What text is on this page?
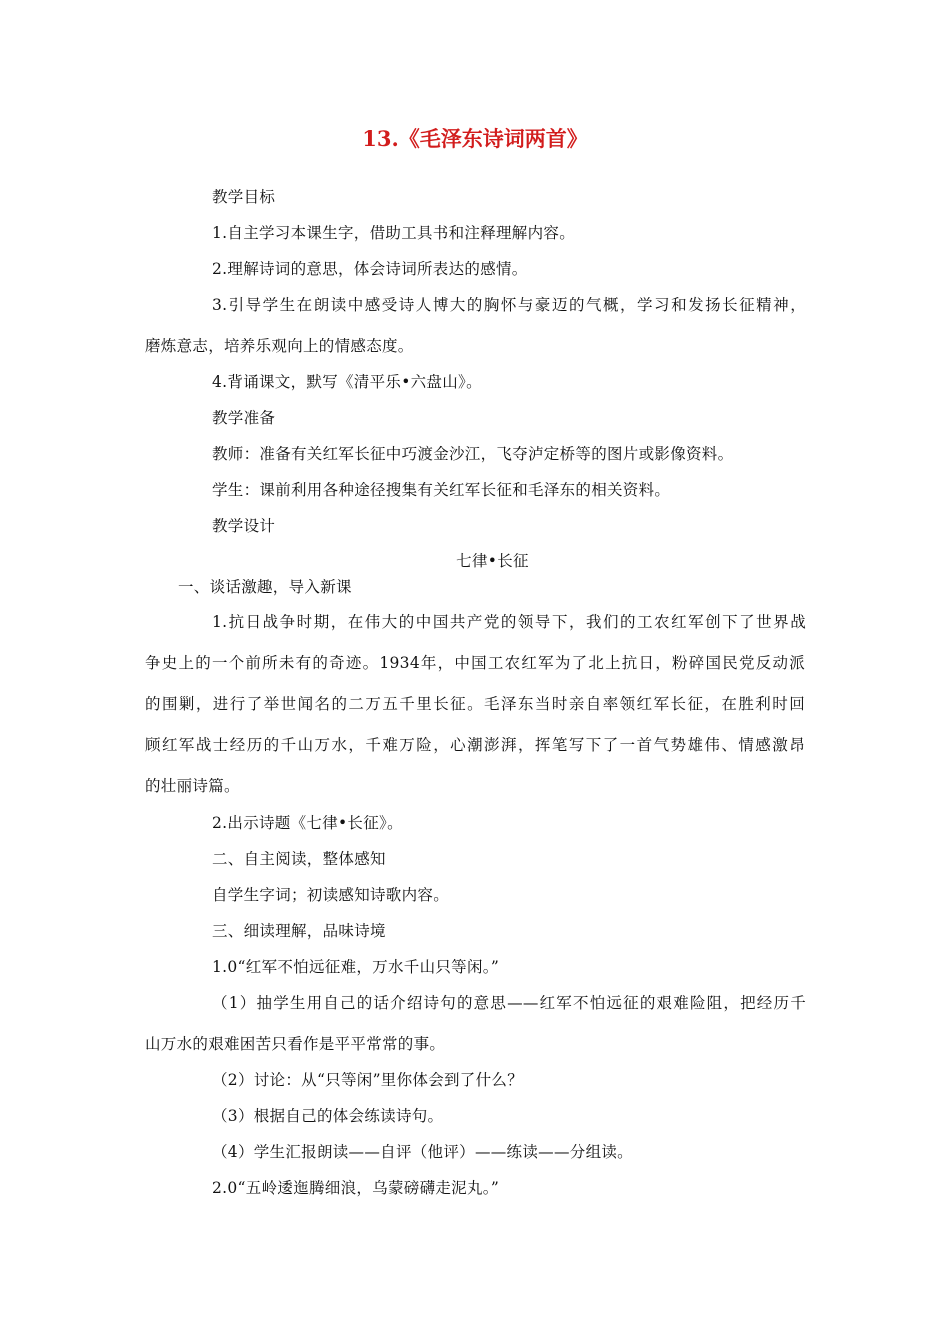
13.《毛泽东诗词两首》
教学目标
1.自主学习本课生字，借助工具书和注释理解内容。
2.理解诗词的意思，体会诗词所表达的感情。
3.引导学生在朗读中感受诗人博大的胸怀与豪迈的气概，学习和发扬长征精神，
磨炼意志，培养乐观向上的情感态度。
4.背诵课文，默写《清平乐•六盘山》。
教学准备
教师：准备有关红军长征中巧渡金沙江，飞夺泸定桥等的图片或影像资料。
学生：课前利用各种途径搜集有关红军长征和毛泽东的相关资料。
教学设计
七律•长征
一、谈话激趣，导入新课
1.抗日战争时期，在伟大的中国共产党的领导下，我们的工农红军创下了世界战
争史上的一个前所未有的奇迹。1934年，中国工农红军为了北上抗日，粉碎国民党反动派
的围剿，进行了举世闻名的二万五千里长征。毛泽东当时亲自率领红军长征，在胜利时回
顾红军战士经历的千山万水，千难万险，心潮澎湃，挥笔写下了一首气势雄伟、情感激昂
的壮丽诗篇。
2.出示诗题《七律•长征》。
二、自主阅读，整体感知
自学生字词；初读感知诗歌内容。
三、细读理解，品味诗境
1.0“红军不怕远征难，万水千山只等闲。”
（1）抽学生用自己的话介绍诗句的意思——红军不怕远征的艰难险阻，把经历千
山万水的艰难困苦只看作是平平常常的事。
（2）讨论：从“只等闲”里你体会到了什么？
（3）根据自己的体会练读诗句。
（4）学生汇报朗读——自评（他评）——练读——分组读。
2.0“五岭逶迤腾细浪，乌蒙磅礴走泥丸。”
